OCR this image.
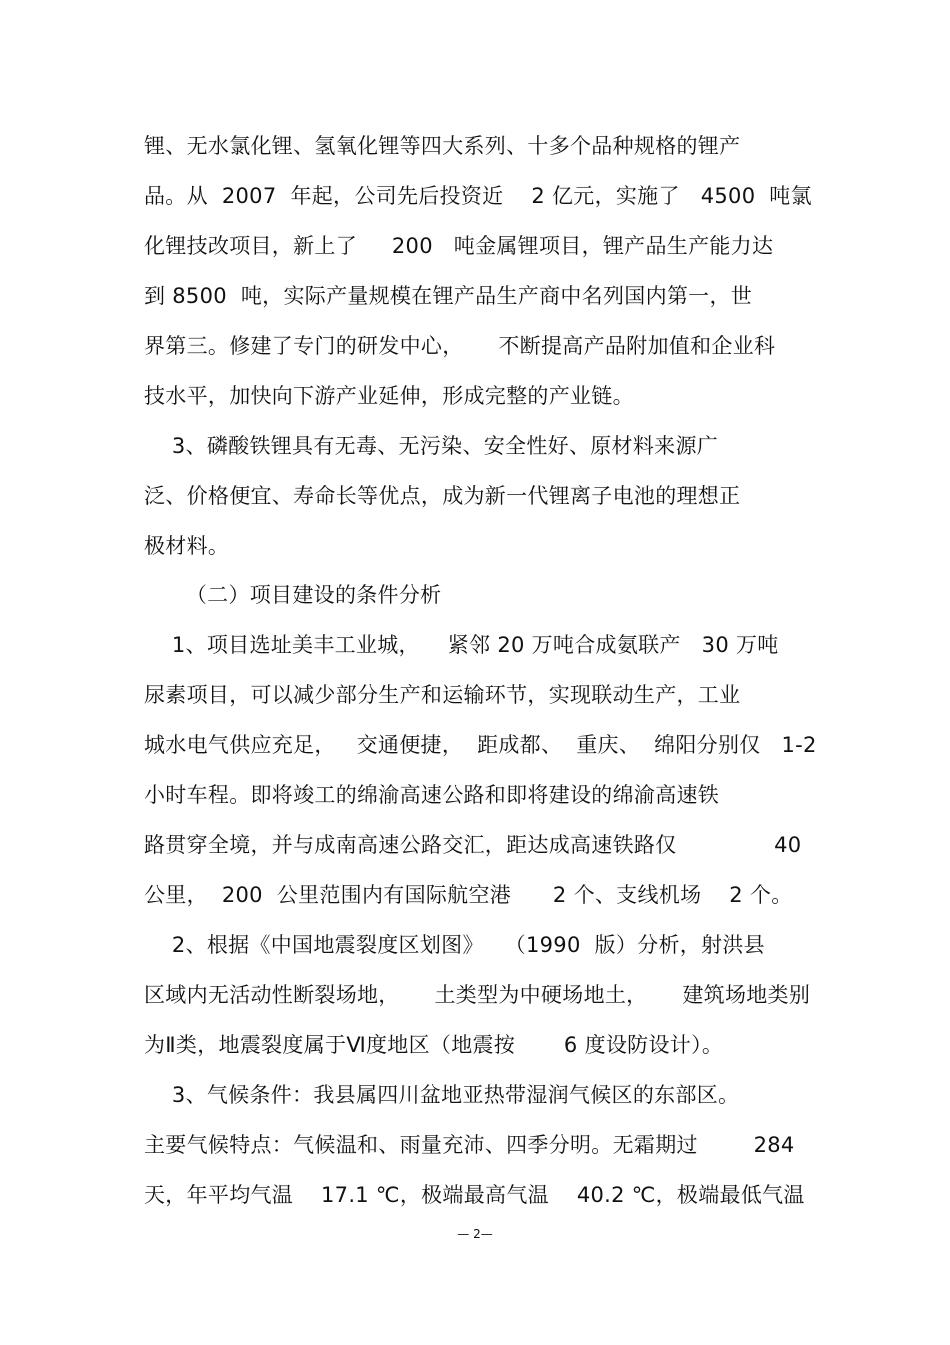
锂、无水氯化锂、氢氧化锂等四大系列、十多个品种规格的锂产
品。从  2007  年起，公司先后投资近    2 亿元，实施了   4500  吨氯
化锂技改项目，新上了     200   吨金属锂项目，锂产品生产能力达
到 8500  吨，实际产量规模在锂产品生产商中名列国内第一，世
界第三。修建了专门的研发中心，     不断提高产品附加值和企业科
技水平，加快向下游产业延伸，形成完整的产业链。
3、磷酸铁锂具有无毒、无污染、安全性好、原材料来源广
泛、价格便宜、寿命长等优点，成为新一代锂离子电池的理想正
极材料。
（二）项目建设的条件分析
1、项目选址美丰工业城，    紧邻 20 万吨合成氨联产   30 万吨
尿素项目，可以减少部分生产和运输环节，实现联动生产，工业
城水电气供应充足，   交通便捷，  距成都、  重庆、  绵阳分别仅   1-2
小时车程。即将竣工的绵渝高速公路和即将建设的绵渝高速铁
路贯穿全境，并与成南高速公路交汇，距达成高速铁路仅              40
公里，  200  公里范围内有国际航空港      2 个、支线机场    2 个。
2、根据《中国地震裂度区划图》   （1990  版）分析，射洪县
区域内无活动性断裂场地，     土类型为中硬场地土，     建筑场地类别
为Ⅱ类，地震裂度属于Ⅵ度地区（地震按       6 度设防设计）。
3、气候条件：我县属四川盆地亚热带湿润气候区的东部区。
主要气候特点：气候温和、雨量充沛、四季分明。无霜期过        284
天，年平均气温    17.1 ℃，极端最高气温    40.2 ℃，极端最低气温
— 2—
